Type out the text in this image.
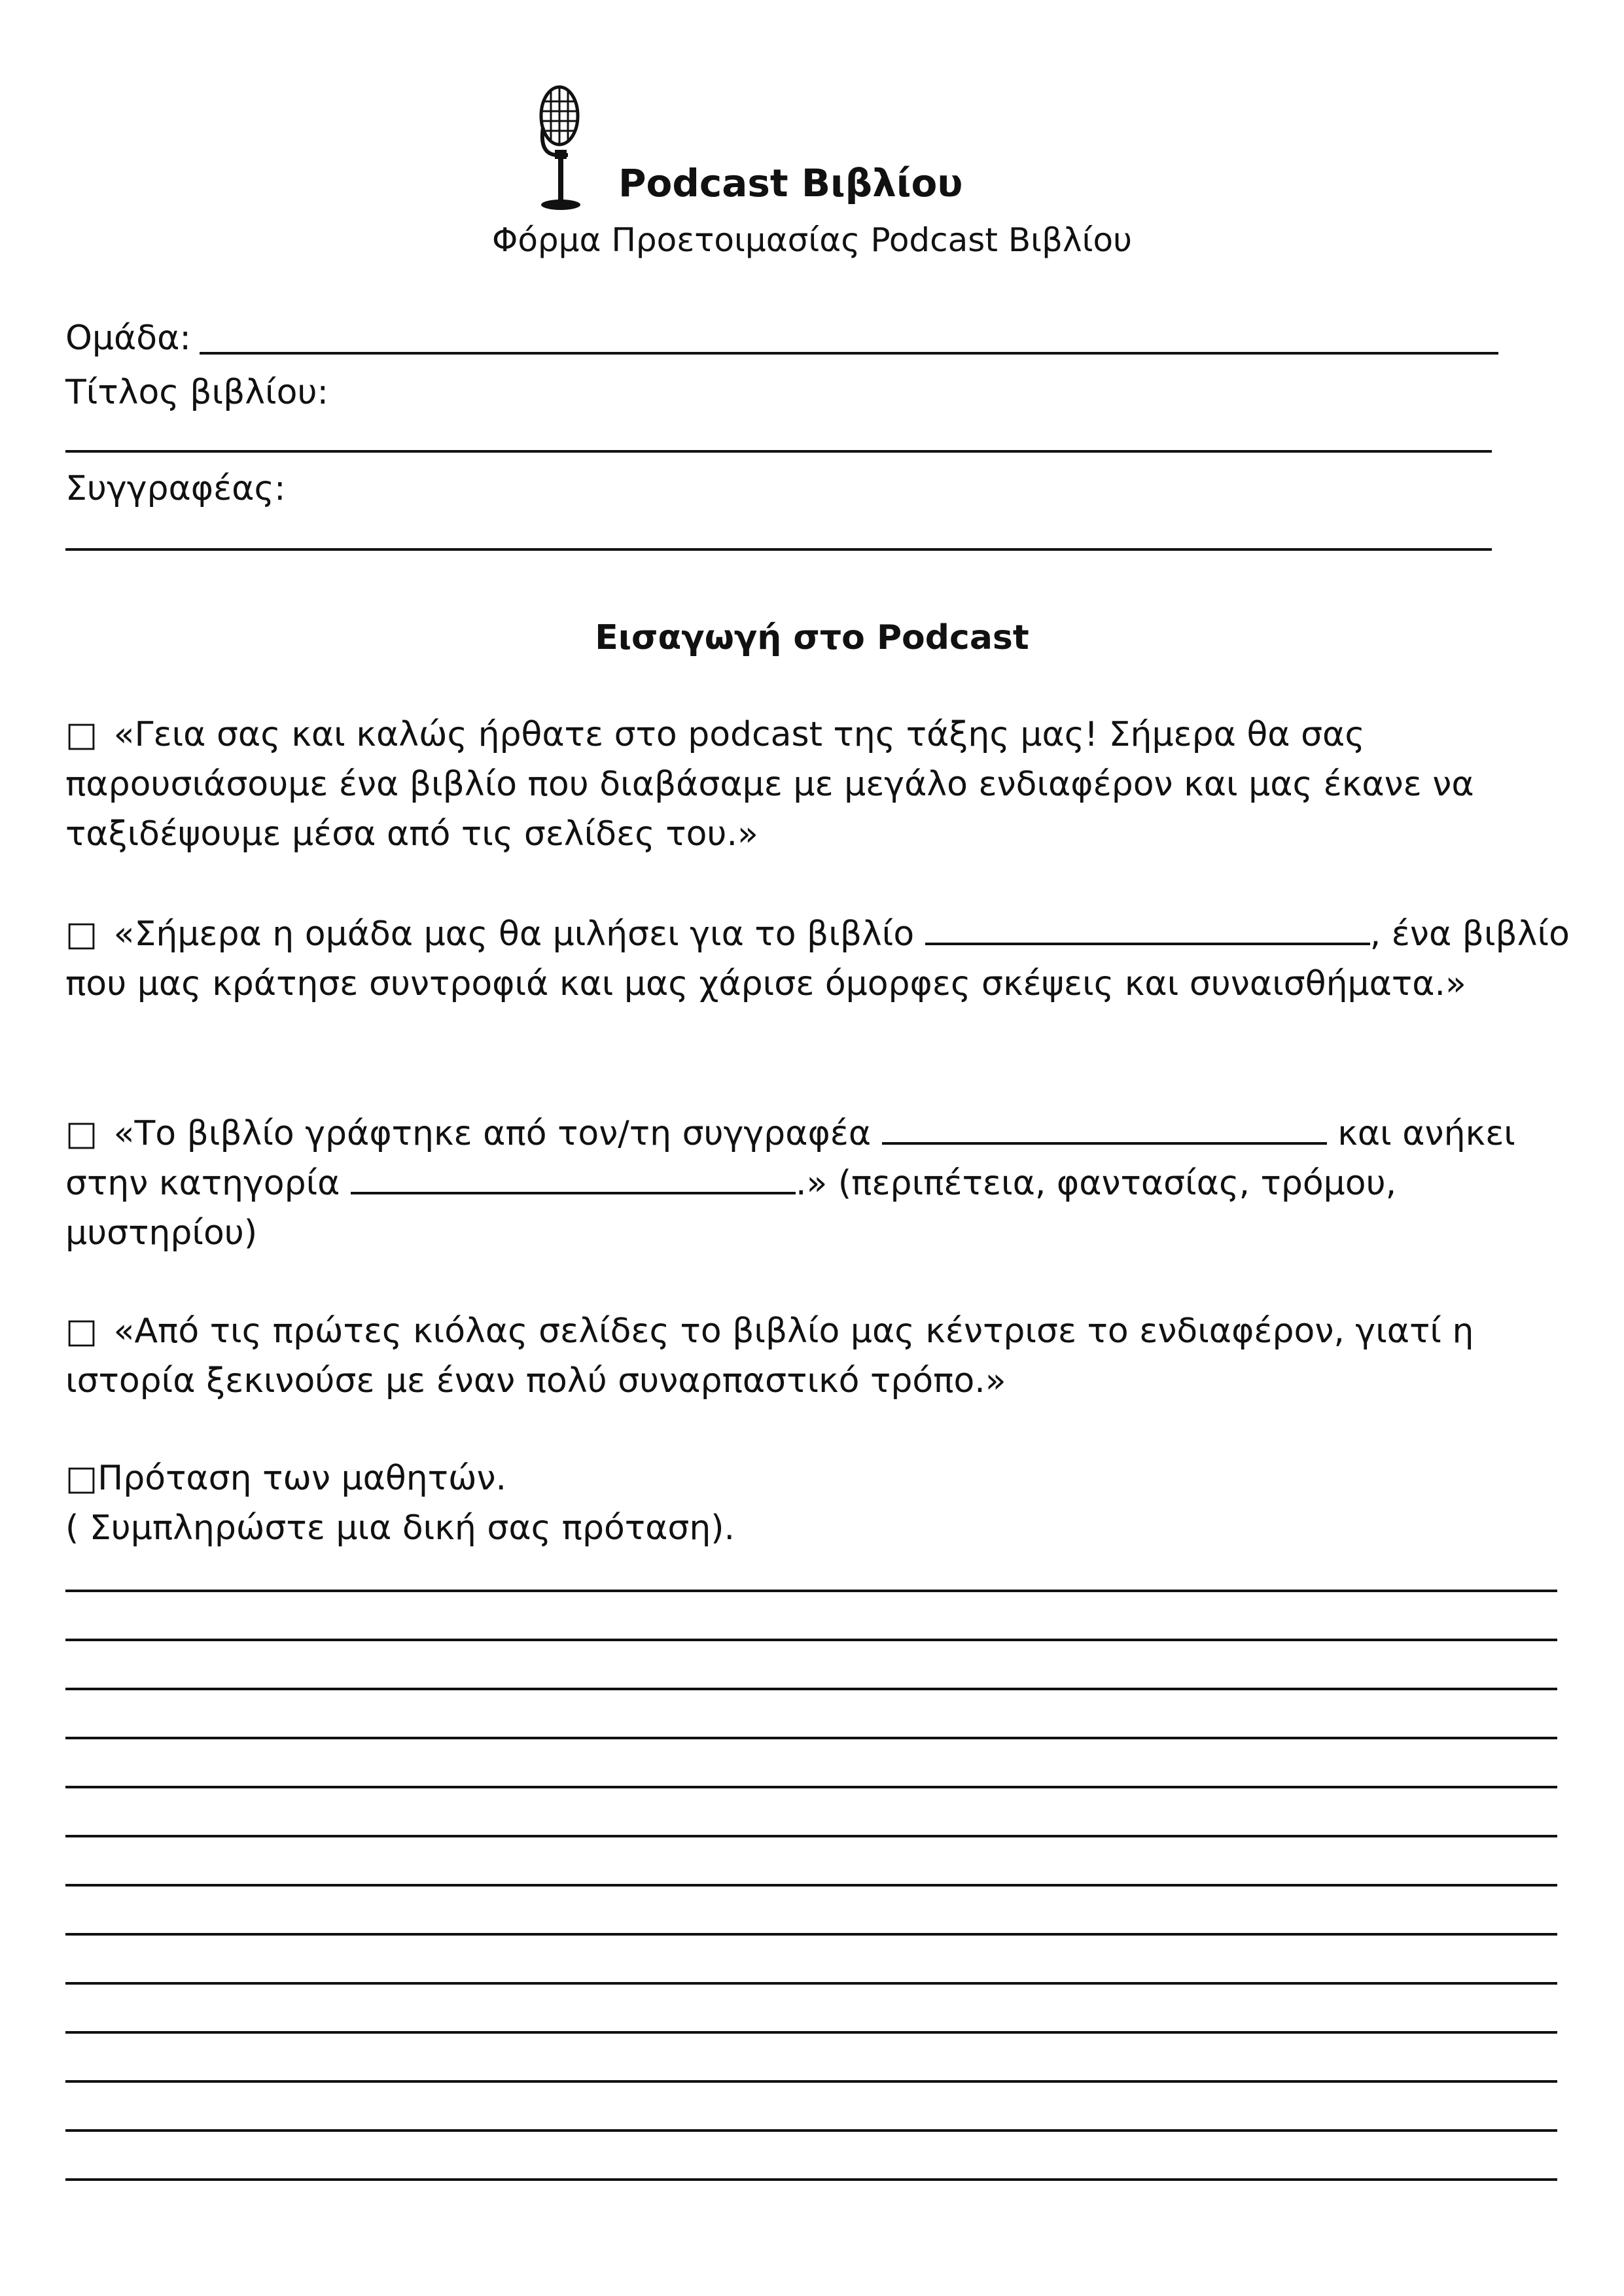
Podcast Βιβλίου
Φόρμα Προετοιμασίας Podcast Βιβλίου
Ομάδα:
Τίτλος βιβλίου:
Συγγραφέας:
Εισαγωγή στο Podcast
□ «Γεια σας και καλώς ήρθατε στο podcast της τάξης μας! Σήμερα θα σας παρουσιάσουμε ένα βιβλίο που διαβάσαμε με μεγάλο ενδιαφέρον και μας έκανε να ταξιδέψουμε μέσα από τις σελίδες του.»
□ «Σήμερα η ομάδα μας θα μιλήσει για το βιβλίο	, ένα βιβλίο που μας κράτησε συντροφιά και μας χάρισε όμορφες σκέψεις και συναισθήματα.»
□ «Το βιβλίο γράφτηκε από τον/τη συγγραφέα	και ανήκει στην κατηγορία	.» (περιπέτεια, φαντασίας, τρόμου, μυστηρίου)
□ «Από τις πρώτες κιόλας σελίδες το βιβλίο μας κέντρισε το ενδιαφέρον, γιατί η ιστορία ξεκινούσε με έναν πολύ συναρπαστικό τρόπο.»
□Πρόταση των μαθητών.
( Συμπληρώστε μια δική σας πρόταση).
